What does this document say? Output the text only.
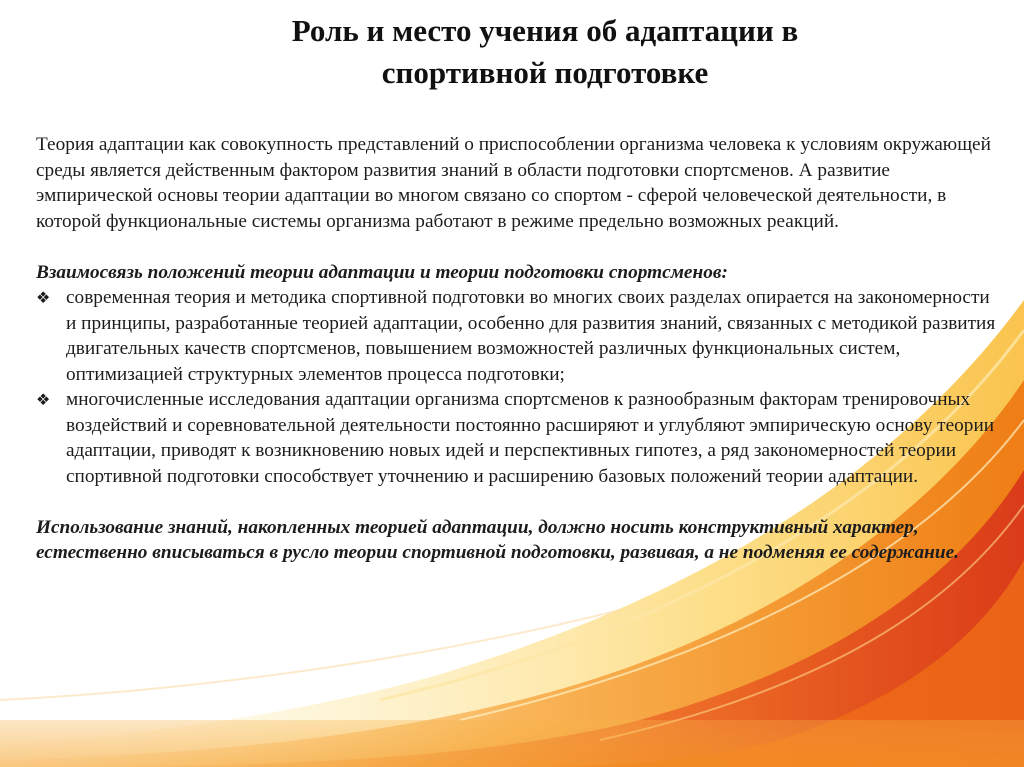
Роль и место учения об адаптации в
спортивной подготовке

Теория адаптации как совокупность представлений о приспособлении организма человека к условиям окружающей среды является действенным фактором развития знаний в области подготовки спортсменов. А развитие эмпирической основы теории адаптации во многом связано со спортом - сферой человеческой деятельности, в которой функциональные системы организма работают в режиме предельно возможных реакций.

Взаимосвязь положений теории адаптации и теории подготовки спортсменов:

❖ современная теория и методика спортивной подготовки во многих своих разделах опирается на закономерности и принципы, разработанные теорией адаптации, особенно для развития знаний, связанных с методикой развития двигательных качеств спортсменов, повышением возможностей различных функциональных систем, оптимизацией структурных элементов процесса подготовки;
❖ многочисленные исследования адаптации организма спортсменов к разнообразным факторам тренировочных воздействий и соревновательной деятельности постоянно расширяют и углубляют эмпирическую основу теории адаптации, приводят к возникновению новых идей и перспективных гипотез, а ряд закономерностей теории спортивной подготовки способствует уточнению и расширению базовых положений теории адаптации.

Использование знаний, накопленных теорией адаптации, должно носить конструктивный характер, естественно вписываться в русло теории спортивной подготовки, развивая, а не подменяя ее содержание.
